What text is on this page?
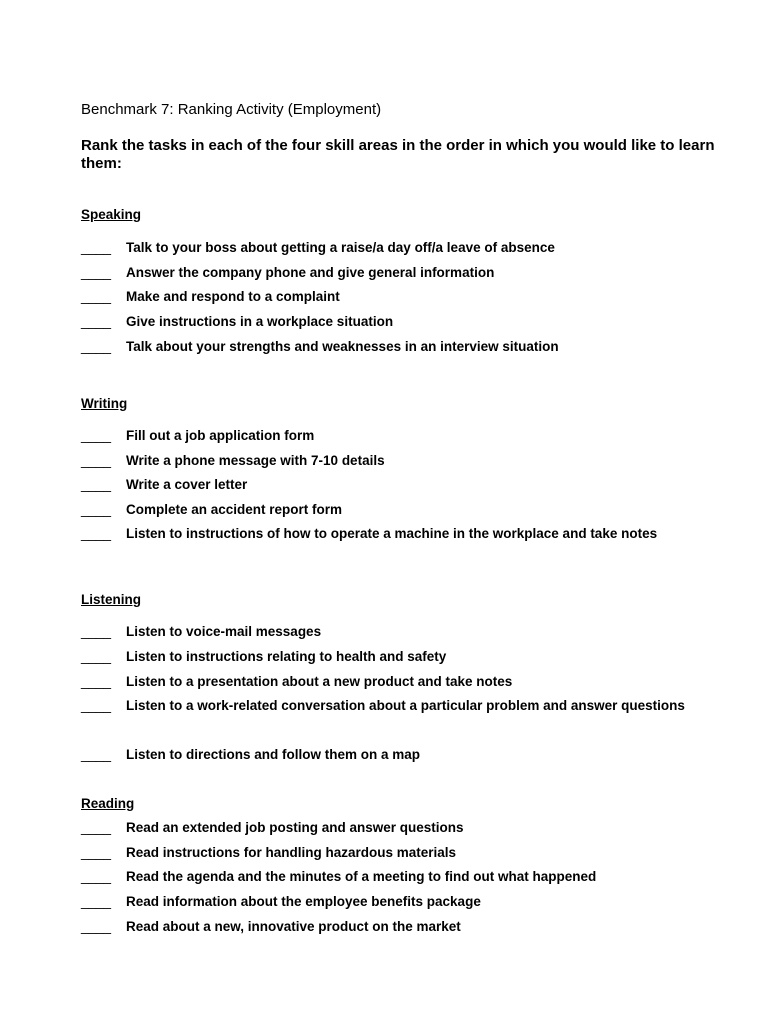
Benchmark 7: Ranking Activity (Employment)
Rank the tasks in each of the four skill areas in the order in which you would like to learn them:
Speaking
____ Talk to your boss about getting a raise/a day off/a leave of absence
____ Answer the company phone and give general information
____ Make and respond to a complaint
____ Give instructions in a workplace situation
____ Talk about your strengths and weaknesses in an interview situation
Writing
____ Fill out a job application form
____ Write a phone message with 7-10 details
____ Write a cover letter
____ Complete an accident report form
____ Listen to instructions of how to operate a machine in the workplace and take notes
Listening
____ Listen to voice-mail messages
____ Listen to instructions relating to health and safety
____ Listen to a presentation about a new product and take notes
____ Listen to a work-related conversation about a particular problem and answer questions
____ Listen to directions and follow them on a map
Reading
____ Read an extended job posting and answer questions
____ Read instructions for handling hazardous materials
____ Read the agenda and the minutes of a meeting to find out what happened
____ Read information about the employee benefits package
____ Read about a new, innovative product on the market
